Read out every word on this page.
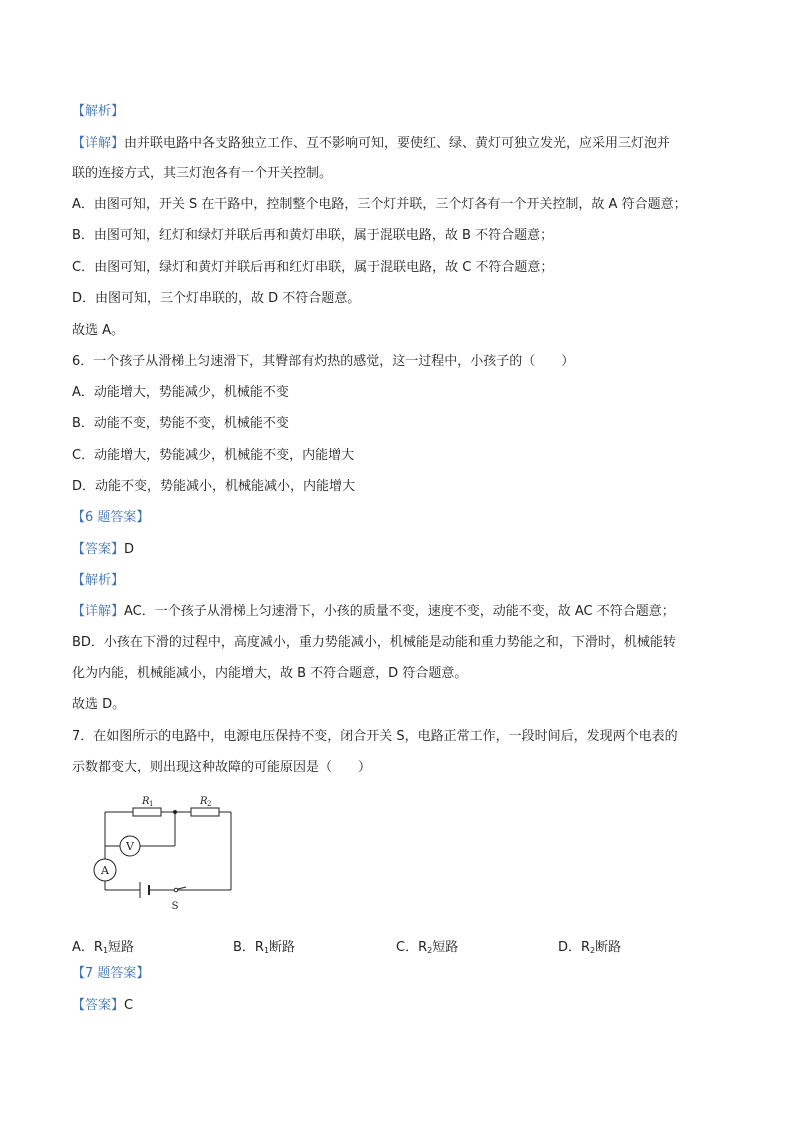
【解析】
【详解】由并联电路中各支路独立工作、互不影响可知，要使红、绿、黄灯可独立发光，应采用三灯泡并
联的连接方式，其三灯泡各有一个开关控制。
A．由图可知，开关 S 在干路中，控制整个电路，三个灯并联，三个灯各有一个开关控制，故 A 符合题意；
B．由图可知，红灯和绿灯并联后再和黄灯串联，属于混联电路，故 B 不符合题意；
C．由图可知，绿灯和黄灯并联后再和红灯串联，属于混联电路，故 C 不符合题意；
D．由图可知，三个灯串联的，故 D 不符合题意。
故选 A。
6．一个孩子从滑梯上匀速滑下，其臀部有灼热的感觉，这一过程中，小孩子的（　　）
A．动能增大，势能减少，机械能不变
B．动能不变，势能不变，机械能不变
C．动能增大，势能减少，机械能不变，内能增大
D．动能不变，势能减小，机械能减小，内能增大
【6 题答案】
【答案】D
【解析】
【详解】AC．一个孩子从滑梯上匀速滑下，小孩的质量不变，速度不变，动能不变，故 AC 不符合题意；
BD．小孩在下滑的过程中，高度减小，重力势能减小，机械能是动能和重力势能之和，下滑时，机械能转
化为内能，机械能减小，内能增大，故 B 不符合题意，D 符合题意。
故选 D。
7．在如图所示的电路中，电源电压保持不变，闭合开关 S，电路正常工作，一段时间后，发现两个电表的
示数都变大，则出现这种故障的可能原因是（　　）
V
A
S
R 1	R 2
A．$R_1$短路	B．$R_1$断路	C．$R_2$短路	D．$R_2$断路
【7 题答案】
【答案】C
